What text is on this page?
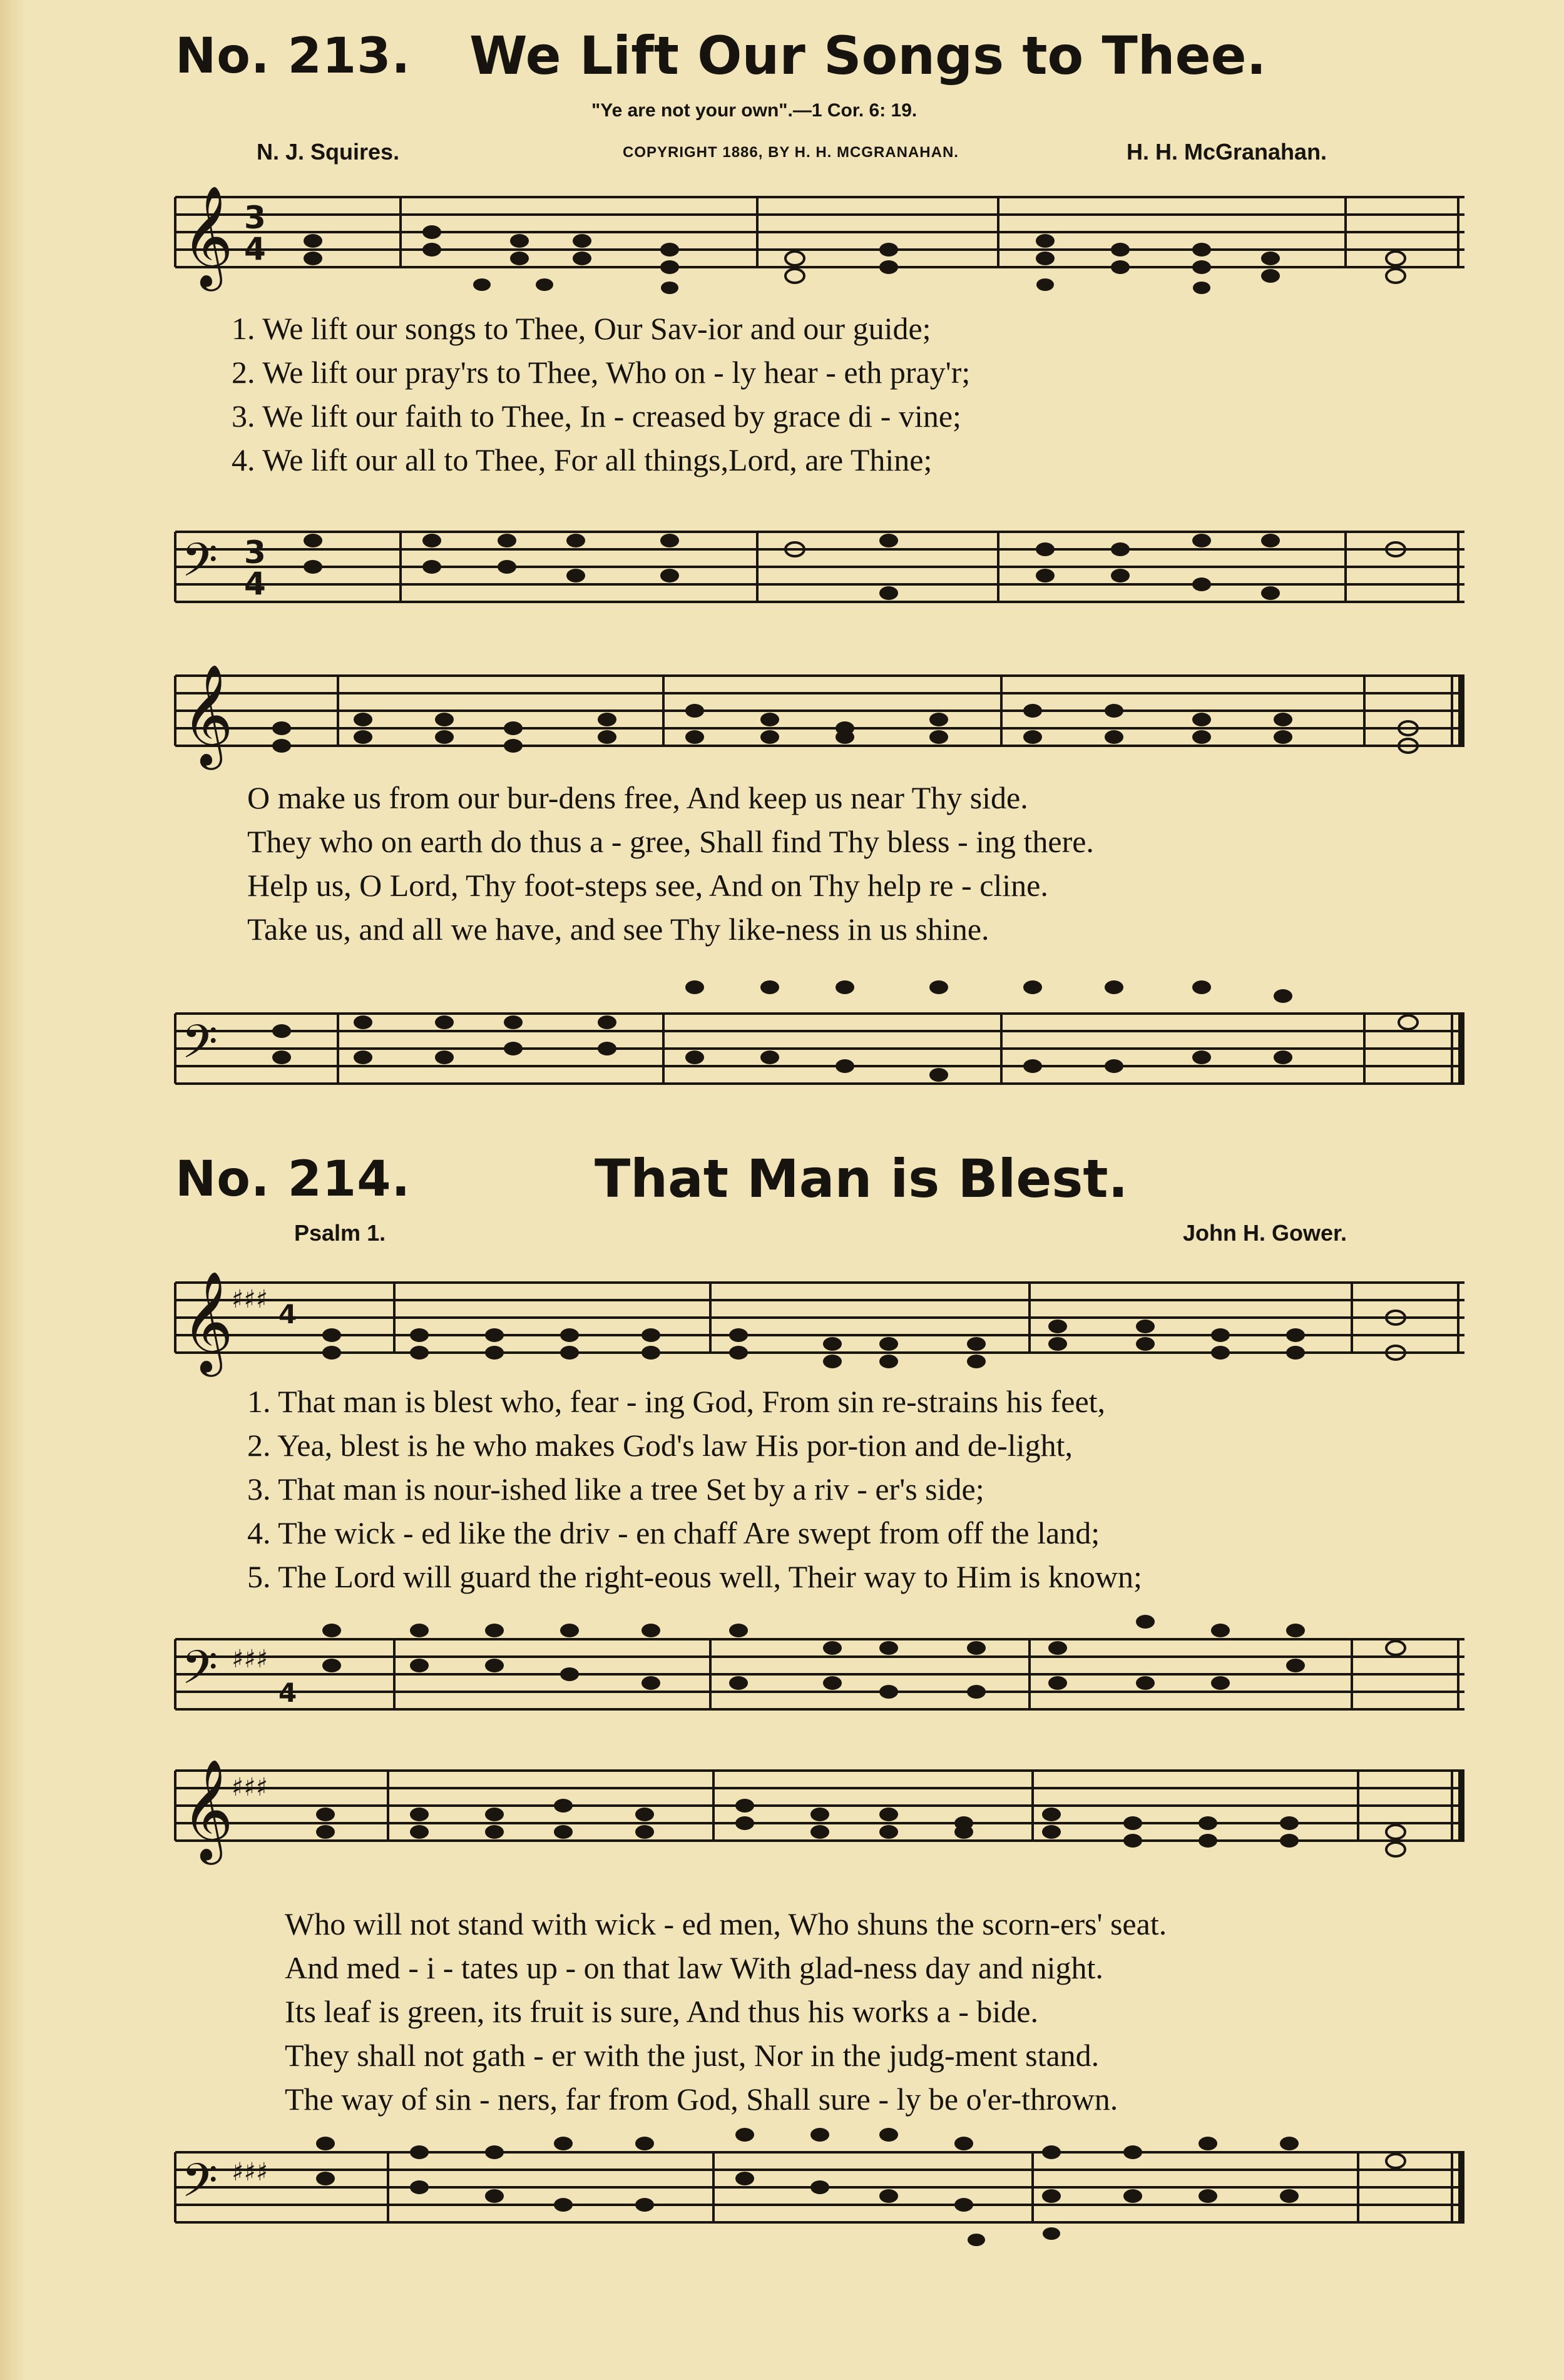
No. 213. We Lift Our Songs to Thee.
"Ye are not your own".—1 Cor. 6: 19.
N. J. Squires.	COPYRIGHT 1886, BY H. H. MCGRANAHAN.	H. H. McGranahan.
𝄞 3
4
1. We lift our songs to Thee, Our Sav-ior and our guide;
2. We lift our pray'rs to Thee, Who on - ly hear - eth pray'r;
3. We lift our faith to Thee, In - creased by grace di - vine;
4. We lift our all to Thee, For all things,Lord, are Thine;
𝄢 3
4
𝄞
O make us from our bur-dens free, And keep us near Thy side.
They who on earth do thus a - gree, Shall find Thy bless - ing there.
Help us, O Lord, Thy foot-steps see, And on Thy help re - cline.
Take us, and all we have, and see Thy like-ness in us shine.
𝄢
No. 214.	That Man is Blest.
Psalm 1.	John H. Gower.
𝄞
♯♯♯ 4
1. That man is blest who, fear - ing God, From sin re-strains his feet,
2. Yea, blest is he who makes God's law His por-tion and de-light,
3. That man is nour-ished like a tree Set by a riv - er's side;
4. The wick - ed like the driv - en chaff Are swept from off the land;
5. The Lord will guard the right-eous well, Their way to Him is known;
𝄢 ♯♯♯
4
𝄞
♯♯♯
Who will not stand with wick - ed men, Who shuns the scorn-ers' seat.
And med - i - tates up - on that law With glad-ness day and night.
Its leaf is green, its fruit is sure, And thus his works a - bide.
They shall not gath - er with the just, Nor in the judg-ment stand.
The way of sin - ners, far from God, Shall sure - ly be o'er-thrown.
𝄢 ♯♯♯
